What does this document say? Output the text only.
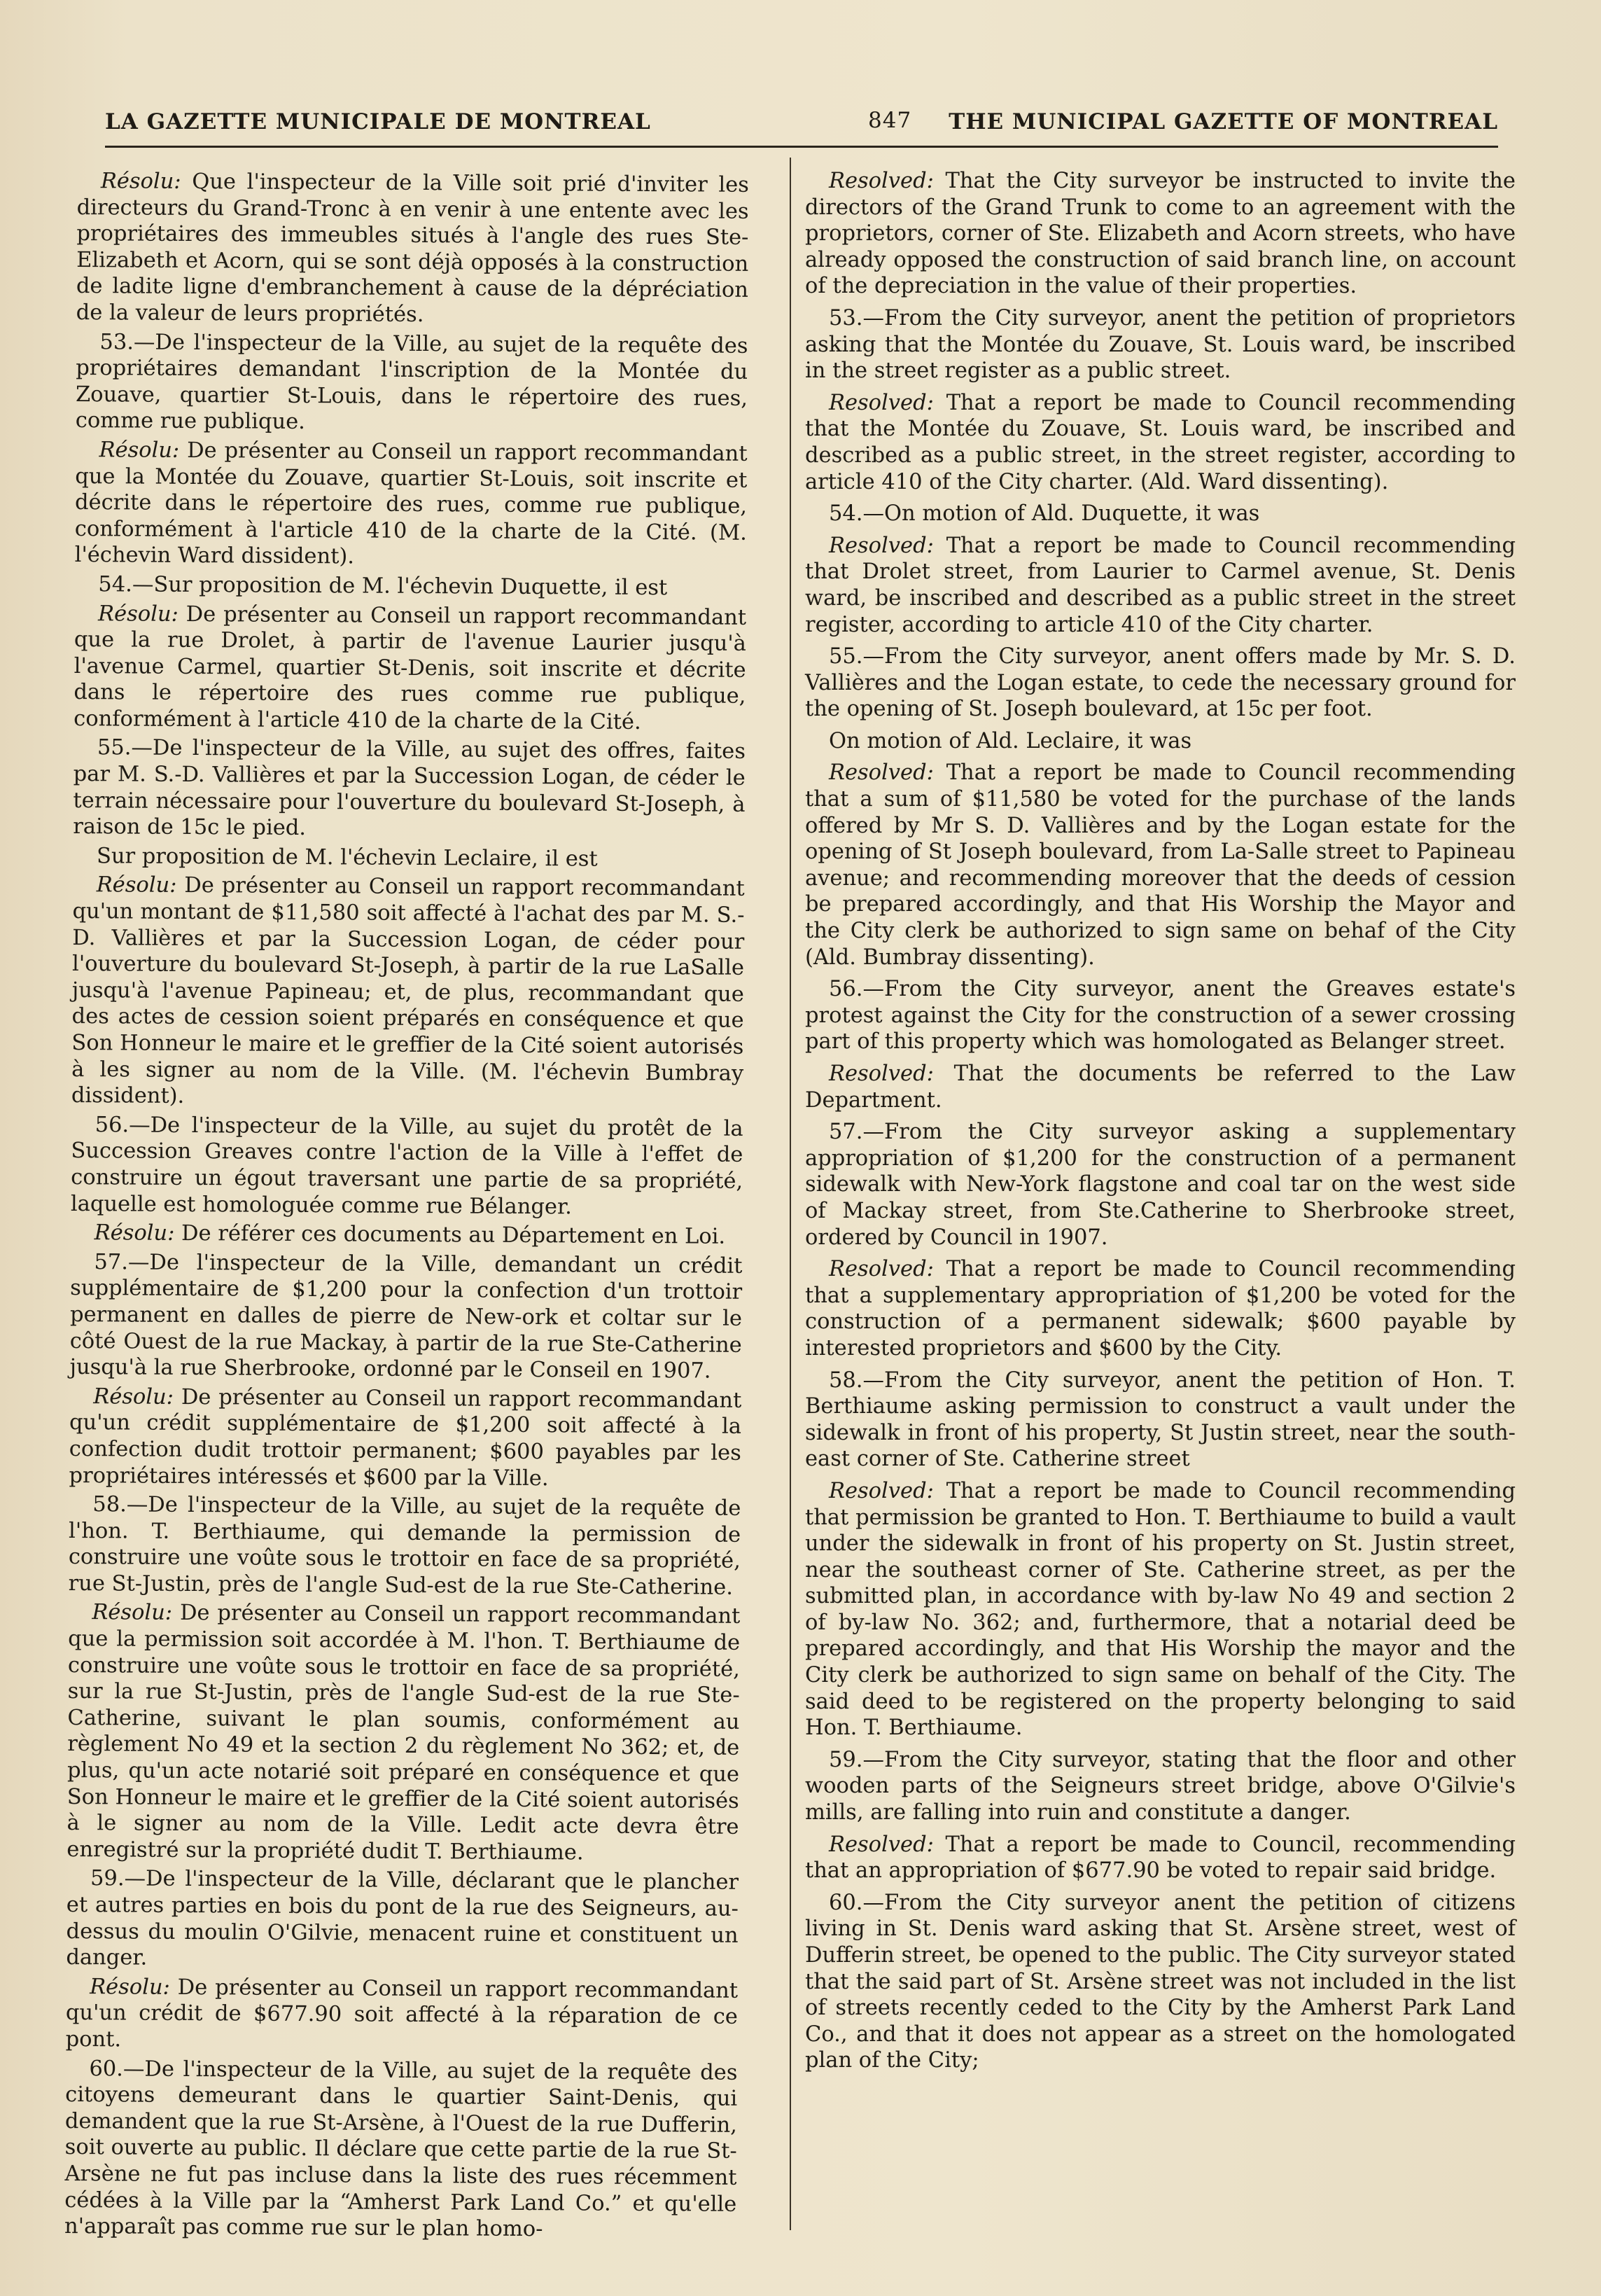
LA GAZETTE MUNICIPALE DE MONTREAL	847 THE MUNICIPAL GAZETTE OF MONTREAL

Résolu: Que l'inspecteur de la Ville soit prié d'inviter les directeurs du Grand-Tronc à en venir à une entente avec les propriétaires des immeubles situés à l'angle des rues Ste-Elizabeth et Acorn, qui se sont déjà opposés à la construction de ladite ligne d'embranchement à cause de la dépréciation de la valeur de leurs propriétés.

53.—De l'inspecteur de la Ville, au sujet de la requête des propriétaires demandant l'inscription de la Montée du Zouave, quartier St-Louis, dans le répertoire des rues, comme rue publique.

Résolu: De présenter au Conseil un rapport recommandant que la Montée du Zouave, quartier St-Louis, soit inscrite et décrite dans le répertoire des rues, comme rue publique, conformément à l'article 410 de la charte de la Cité. (M. l'échevin Ward dissident).

54.—Sur proposition de M. l'échevin Duquette, il est

Résolu: De présenter au Conseil un rapport recommandant que la rue Drolet, à partir de l'avenue Laurier jusqu'à l'avenue Carmel, quartier St-Denis, soit inscrite et décrite dans le répertoire des rues comme rue publique, conformément à l'article 410 de la charte de la Cité.

55.—De l'inspecteur de la Ville, au sujet des offres, faites par M. S.-D. Vallières et par la Succession Logan, de céder le terrain nécessaire pour l'ouverture du boulevard St-Joseph, à raison de 15c le pied.

Sur proposition de M. l'échevin Leclaire, il est

Résolu: De présenter au Conseil un rapport recommandant qu'un montant de $11,580 soit affecté à l'achat des par M. S.-D. Vallières et par la Succession Logan, de céder pour l'ouverture du boulevard St-Joseph, à partir de la rue LaSalle jusqu'à l'avenue Papineau; et, de plus, recommandant que des actes de cession soient préparés en conséquence et que Son Honneur le maire et le greffier de la Cité soient autorisés à les signer au nom de la Ville. (M. l'échevin Bumbray dissident).

56.—De l'inspecteur de la Ville, au sujet du protêt de la Succession Greaves contre l'action de la Ville à l'effet de construire un égout traversant une partie de sa propriété, laquelle est homologuée comme rue Bélanger.

Résolu: De référer ces documents au Département en Loi.

57.—De l'inspecteur de la Ville, demandant un crédit supplémentaire de $1,200 pour la confection d'un trottoir permanent en dalles de pierre de New-ork et coltar sur le côté Ouest de la rue Mackay, à partir de la rue Ste-Catherine jusqu'à la rue Sherbrooke, ordonné par le Conseil en 1907.

Résolu: De présenter au Conseil un rapport recommandant qu'un crédit supplémentaire de $1,200 soit affecté à la confection dudit trottoir permanent; $600 payables par les propriétaires intéressés et $600 par la Ville.

58.—De l'inspecteur de la Ville, au sujet de la requête de l'hon. T. Berthiaume, qui demande la permission de construire une voûte sous le trottoir en face de sa propriété, rue St-Justin, près de l'angle Sud-est de la rue Ste-Catherine.

Résolu: De présenter au Conseil un rapport recommandant que la permission soit accordée à M. l'hon. T. Berthiaume de construire une voûte sous le trottoir en face de sa propriété, sur la rue St-Justin, près de l'angle Sud-est de la rue Ste-Catherine, suivant le plan soumis, conformément au règlement No 49 et la section 2 du règlement No 362; et, de plus, qu'un acte notarié soit préparé en conséquence et que Son Honneur le maire et le greffier de la Cité soient autorisés à le signer au nom de la Ville. Ledit acte devra être enregistré sur la propriété dudit T. Berthiaume.

59.—De l'inspecteur de la Ville, déclarant que le plancher et autres parties en bois du pont de la rue des Seigneurs, au-dessus du moulin O'Gilvie, menacent ruine et constituent un danger.

Résolu: De présenter au Conseil un rapport recommandant qu'un crédit de $677.90 soit affecté à la réparation de ce pont.

60.—De l'inspecteur de la Ville, au sujet de la requête des citoyens demeurant dans le quartier Saint-Denis, qui demandent que la rue St-Arsène, à l'Ouest de la rue Dufferin, soit ouverte au public. Il déclare que cette partie de la rue St-Arsène ne fut pas incluse dans la liste des rues récemment cédées à la Ville par la “Amherst Park Land Co.” et qu'elle n'apparaît pas comme rue sur le plan homo-

Resolved: That the City surveyor be instructed to invite the directors of the Grand Trunk to come to an agreement with the proprietors, corner of Ste. Elizabeth and Acorn streets, who have already opposed the construction of said branch line, on account of the depreciation in the value of their properties.

53.—From the City surveyor, anent the petition of proprietors asking that the Montée du Zouave, St. Louis ward, be inscribed in the street register as a public street.

Resolved: That a report be made to Council recommending that the Montée du Zouave, St. Louis ward, be inscribed and described as a public street, in the street register, according to article 410 of the City charter. (Ald. Ward dissenting).

54.—On motion of Ald. Duquette, it was

Resolved: That a report be made to Council recommending that Drolet street, from Laurier to Carmel avenue, St. Denis ward, be inscribed and described as a public street in the street register, according to article 410 of the City charter.

55.—From the City surveyor, anent offers made by Mr. S. D. Vallières and the Logan estate, to cede the necessary ground for the opening of St. Joseph boulevard, at 15c per foot.

On motion of Ald. Leclaire, it was

Resolved: That a report be made to Council recommending that a sum of $11,580 be voted for the purchase of the lands offered by Mr S. D. Vallières and by the Logan estate for the opening of St Joseph boulevard, from La-Salle street to Papineau avenue; and recommending moreover that the deeds of cession be prepared accordingly, and that His Worship the Mayor and the City clerk be authorized to sign same on behaf of the City (Ald. Bumbray dissenting).

56.—From the City surveyor, anent the Greaves estate's protest against the City for the construction of a sewer crossing part of this property which was homologated as Belanger street.

Resolved: That the documents be referred to the Law Department.

57.—From the City surveyor asking a supplementary appropriation of $1,200 for the construction of a permanent sidewalk with New-York flagstone and coal tar on the west side of Mackay street, from Ste.Catherine to Sherbrooke street, ordered by Council in 1907.

Resolved: That a report be made to Council recommending that a supplementary appropriation of $1,200 be voted for the construction of a permanent sidewalk; $600 payable by interested proprietors and $600 by the City.

58.—From the City surveyor, anent the petition of Hon. T. Berthiaume asking permission to construct a vault under the sidewalk in front of his property, St Justin street, near the south-east corner of Ste. Catherine street

Resolved: That a report be made to Council recommending that permission be granted to Hon. T. Berthiaume to build a vault under the sidewalk in front of his property on St. Justin street, near the southeast corner of Ste. Catherine street, as per the submitted plan, in accordance with by-law No 49 and section 2 of by-law No. 362; and, furthermore, that a notarial deed be prepared accordingly, and that His Worship the mayor and the City clerk be authorized to sign same on behalf of the City. The said deed to be registered on the property belonging to said Hon. T. Berthiaume.

59.—From the City surveyor, stating that the floor and other wooden parts of the Seigneurs street bridge, above O'Gilvie's mills, are falling into ruin and constitute a danger.

Resolved: That a report be made to Council, recommending that an appropriation of $677.90 be voted to repair said bridge.

60.—From the City surveyor anent the petition of citizens living in St. Denis ward asking that St. Arsène street, west of Dufferin street, be opened to the public. The City surveyor stated that the said part of St. Arsène street was not included in the list of streets recently ceded to the City by the Amherst Park Land Co., and that it does not appear as a street on the homologated plan of the City;
